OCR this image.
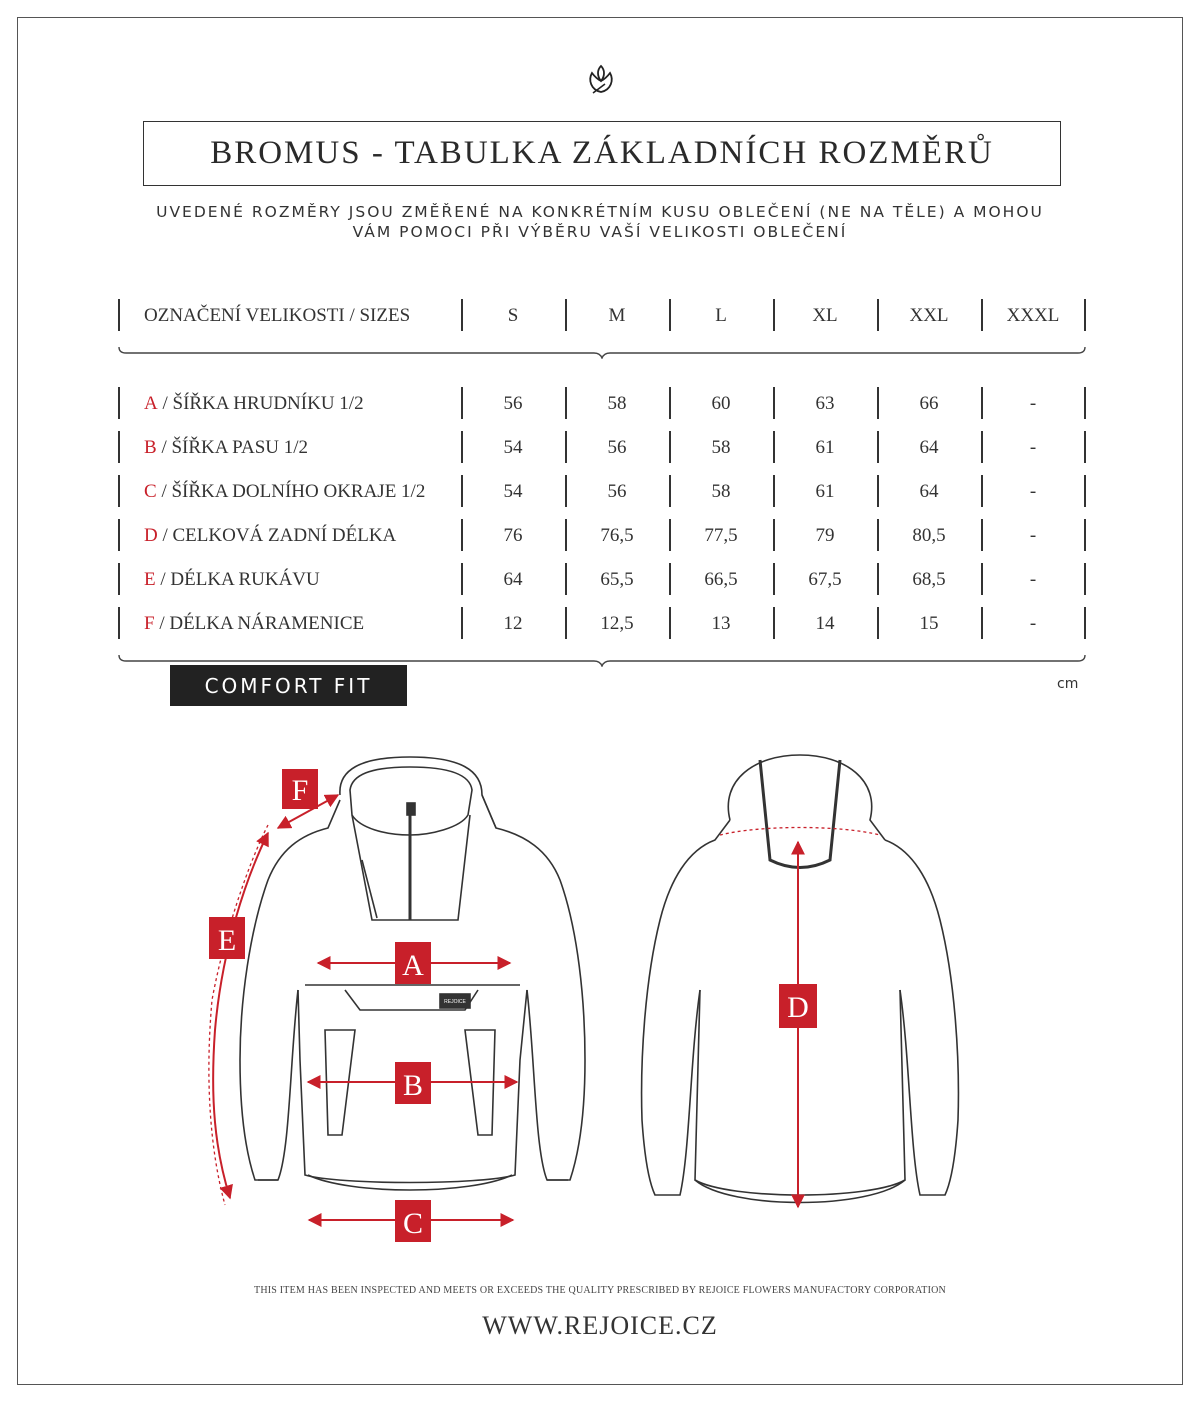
BROMUS - TABULKA ZÁKLADNÍCH ROZMĚRŮ
UVEDENÉ ROZMĚRY JSOU ZMĚŘENÉ NA KONKRÉTNÍM KUSU OBLEČENÍ (NE NA TĚLE) A MOHOU
VÁM POMOCI PŘI VÝBĚRU VAŠÍ VELIKOSTI OBLEČENÍ
OZNAČENÍ VELIKOSTI / SIZES	S	M	L	XL	XXL	XXXL
A / ŠÍŘKA HRUDNÍKU 1/2	56	58	60	63	66	-
B / ŠÍŘKA PASU 1/2	54	56	58	61	64	-
C / ŠÍŘKA DOLNÍHO OKRAJE 1/2	54	56	58	61	64	-
D / CELKOVÁ ZADNÍ DÉLKA	76	76,5	77,5	79	80,5	-
E / DÉLKA RUKÁVU	64	65,5	66,5	67,5	68,5	-
F / DÉLKA NÁRAMENICE	12	12,5	13	14	15	-
COMFORT FIT	cm
A
B
C
D
E
F
REJOICE
THIS ITEM HAS BEEN INSPECTED AND MEETS OR EXCEEDS THE QUALITY PRESCRIBED BY REJOICE FLOWERS MANUFACTORY CORPORATION
WWW.REJOICE.CZ
